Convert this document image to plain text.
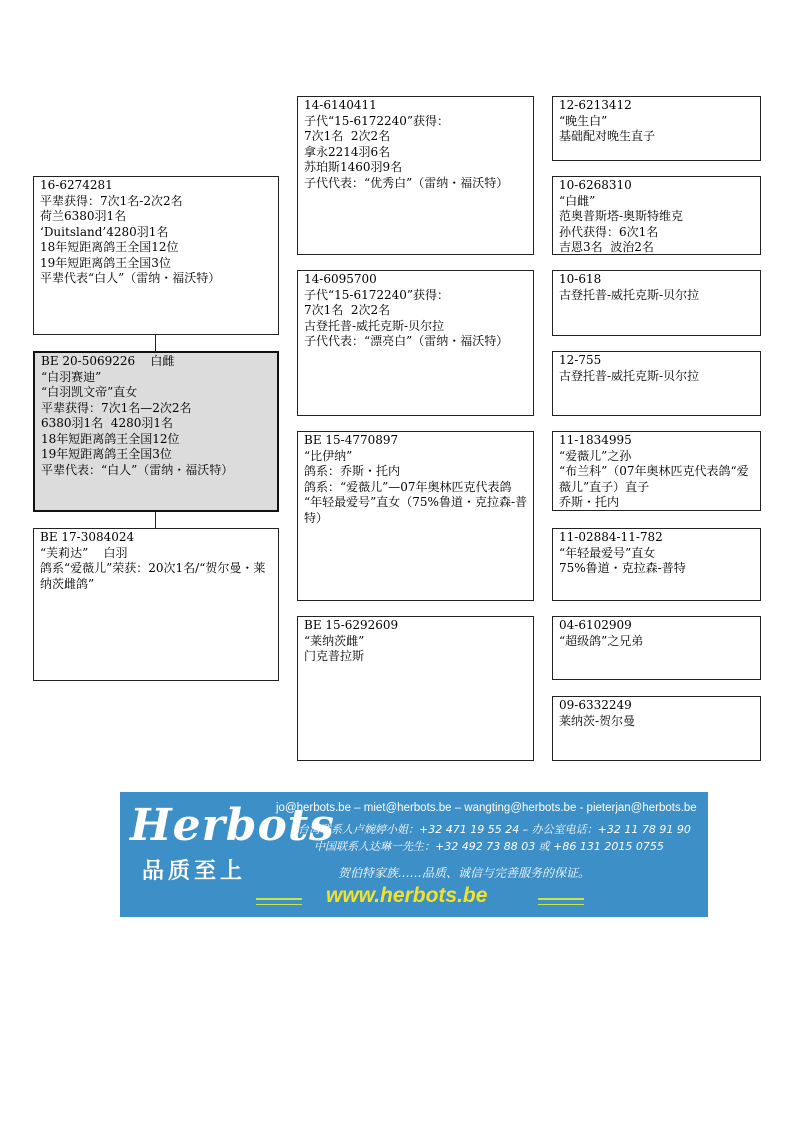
16-6274281
平辈获得：7次1名-2次2名
荷兰6380羽1名
‘Duitsland’4280羽1名
18年短距离鸽王全国12位
19年短距离鸽王全国3位
平辈代表“白人”（雷纳・福沃特）
BE 20-5069226    白雌
“白羽赛迪”
“白羽凯文帝”直女
平辈获得：7次1名—2次2名
6380羽1名  4280羽1名
18年短距离鸽王全国12位
19年短距离鸽王全国3位
平辈代表：“白人”（雷纳・福沃特）
BE 17-3084024
“芙莉达”    白羽
鸽系“爱薇儿”荣获：20次1名/“贺尔曼・莱纳茨雌鸽”
14-6140411
子代“15-6172240”获得：
7次1名  2次2名
拿永2214羽6名
苏珀斯1460羽9名
子代代表：“优秀白”（雷纳・福沃特）
14-6095700
子代“15-6172240”获得：
7次1名  2次2名
古登托普-威托克斯-贝尔拉
子代代表：“漂亮白”（雷纳・福沃特）
BE 15-4770897
“比伊纳”
鸽系：乔斯・托内
鸽系：“爱薇儿”—07年奥林匹克代表鸽
“年轻最爱号”直女（75%鲁道・克拉森-普特）
BE 15-6292609
“莱纳茨雌”
门克普拉斯
12-6213412
“晚生白”
基础配对晚生直子
10-6268310
“白雌”
范奥普斯塔-奥斯特维克
孙代获得：6次1名
吉恩3名  波治2名
10-618
古登托普-威托克斯-贝尔拉
12-755
古登托普-威托克斯-贝尔拉
11-1834995
“爱薇儿”之孙
“布兰科”（07年奥林匹克代表鸽“爱薇儿”直子）直子
乔斯・托内
11-02884-11-782
“年轻最爱号”直女
75%鲁道・克拉森-普特
04-6102909
“超级鸽”之兄弟
09-6332249
莱纳茨-贺尔曼
Herbots
品质至上
jo@herbots.be – miet@herbots.be – wangting@herbots.be - pieterjan@herbots.be
台湾联系人卢婉婷小姐：+32 471 19 55 24 – 办公室电话：+32 11 78 91 90
中国联系人达琳一先生：+32 492 73 88 03 或 +86 131 2015 0755
贺伯特家族……品质、诚信与完善服务的保证。
www.herbots.be
